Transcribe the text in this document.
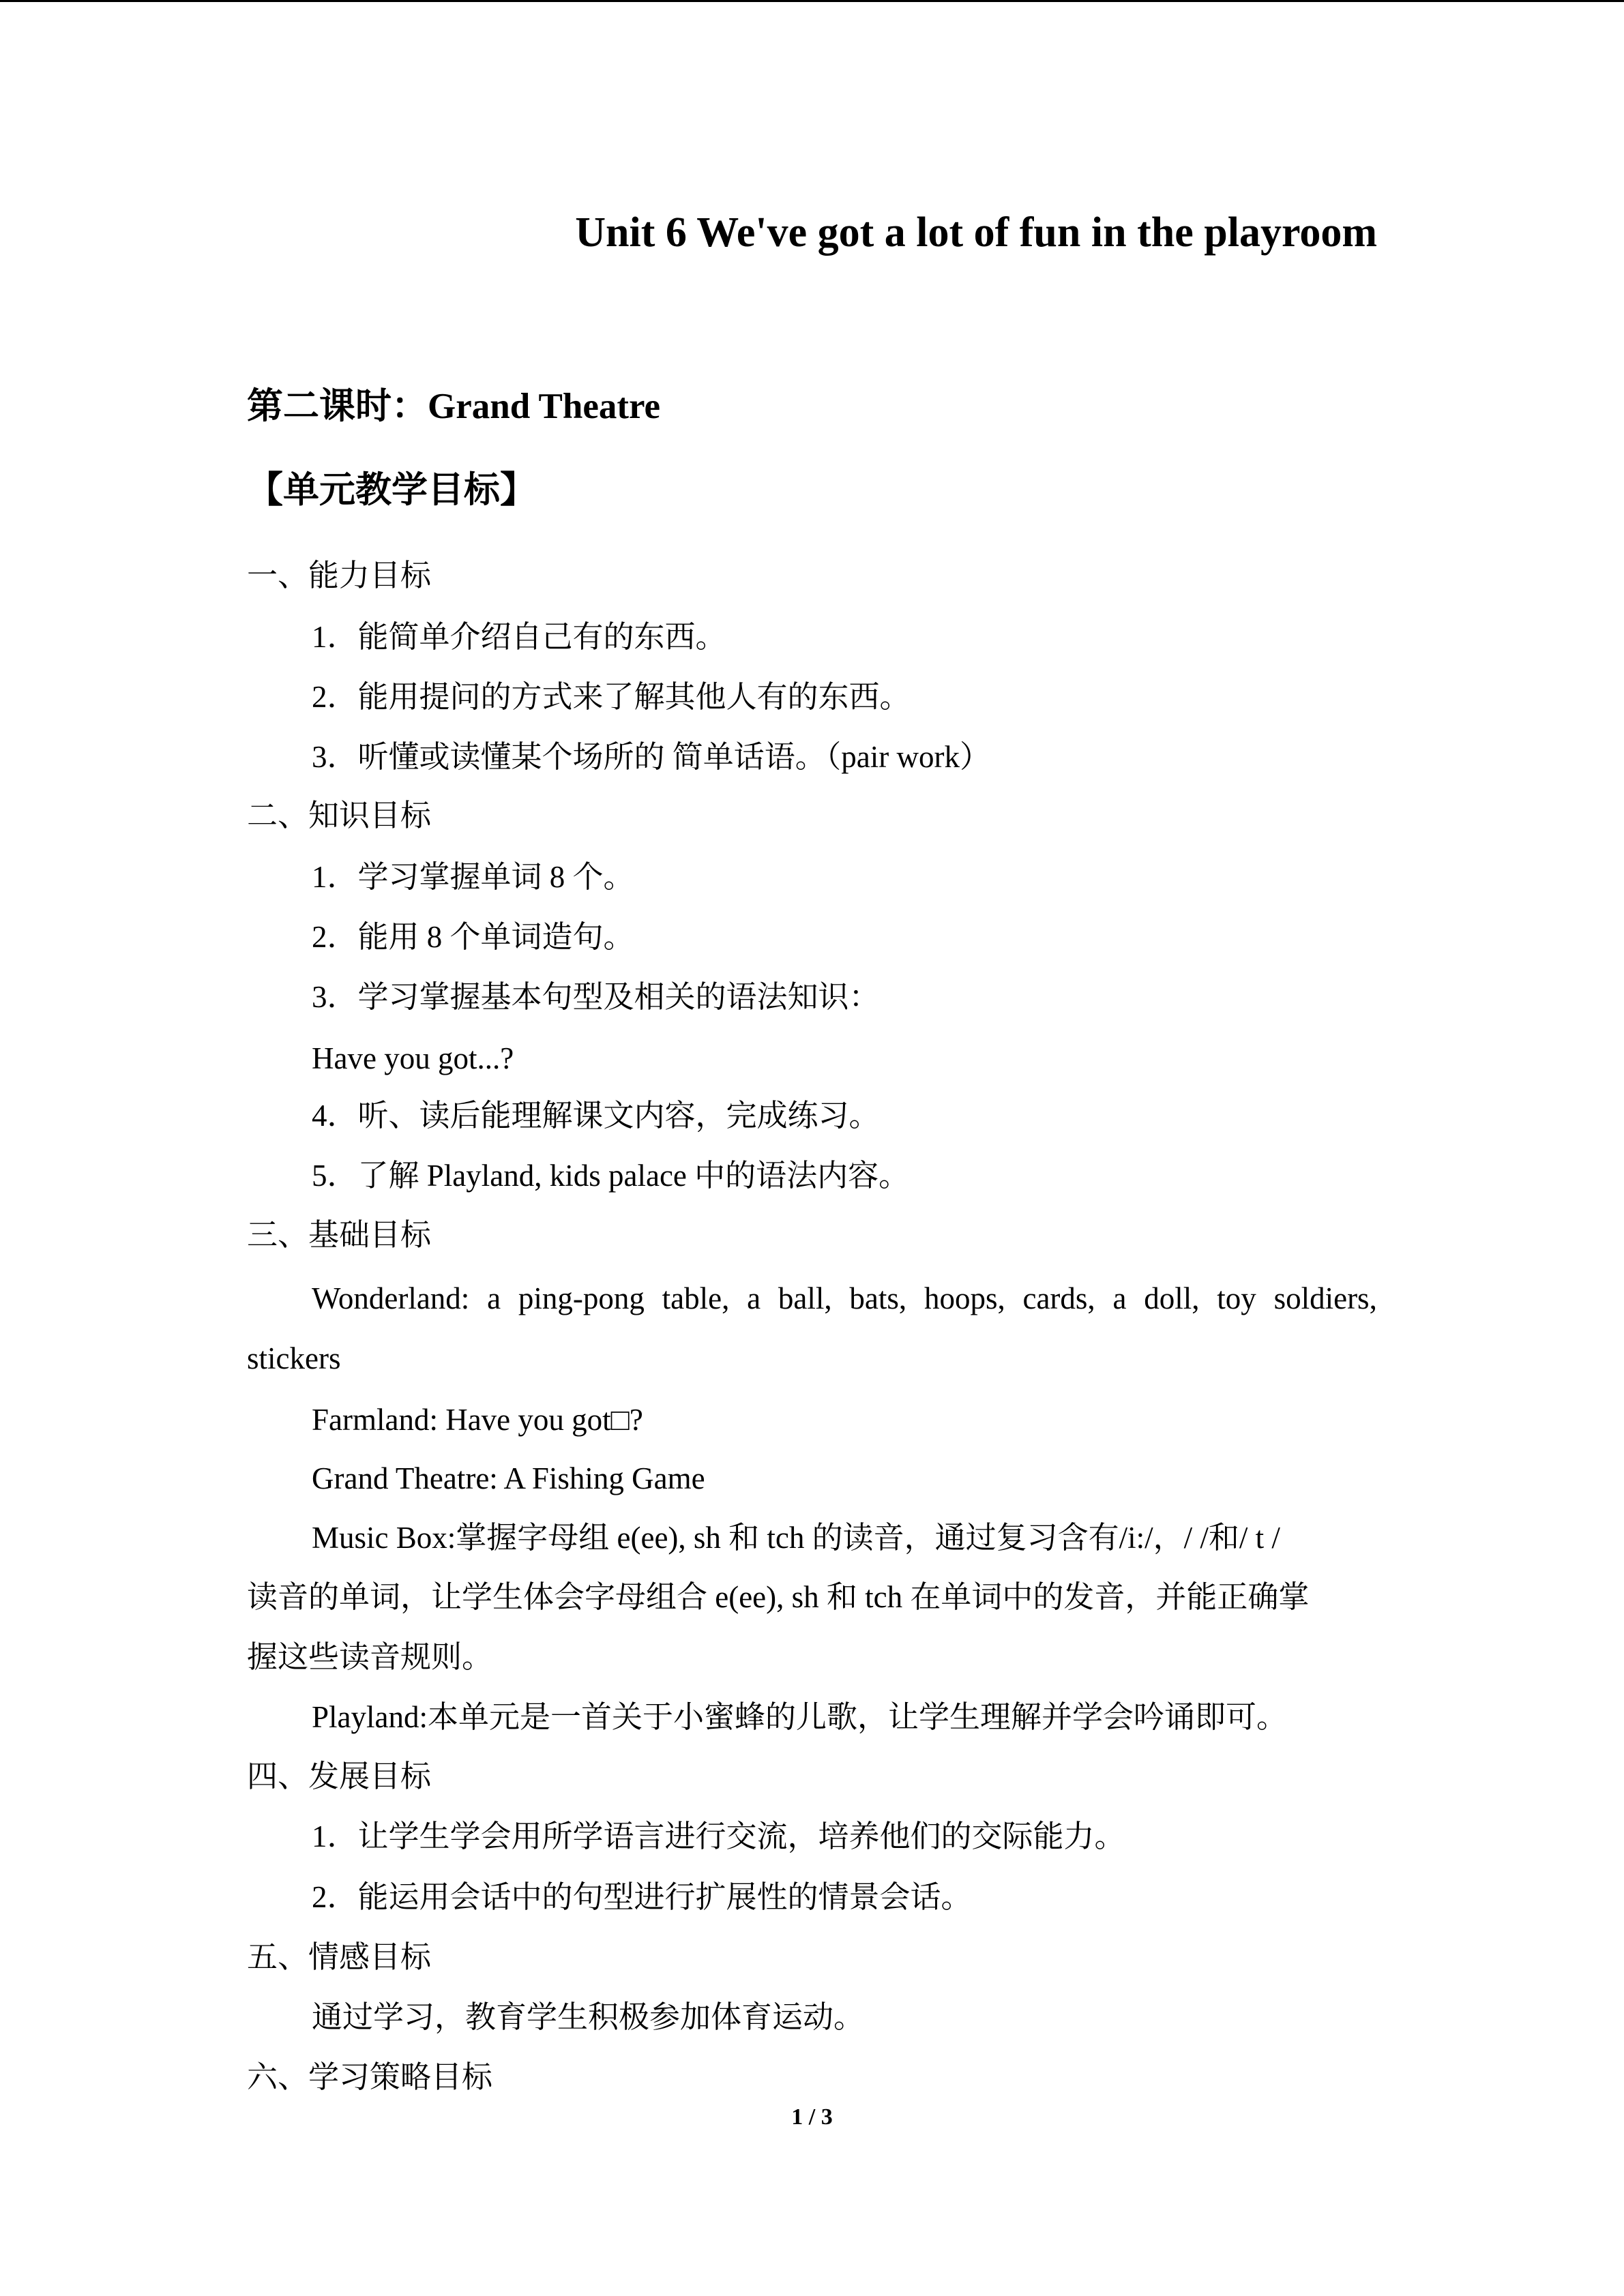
Unit 6 We've got a lot of fun in the playroom
第二课时：Grand Theatre
【单元教学目标】
一、能力目标
1．能简单介绍自己有的东西。
2．能用提问的方式来了解其他人有的东西。
3．听懂或读懂某个场所的 简单话语。（pair work）
二、知识目标
1．学习掌握单词 8 个。
2．能用 8 个单词造句。
3．学习掌握基本句型及相关的语法知识：
Have you got...?
4．听、读后能理解课文内容，完成练习。
5．了解 Playland, kids palace 中的语法内容。
三、基础目标
Wonderland: a ping-pong table, a ball, bats, hoops, cards, a doll, toy soldiers,
stickers
Farmland: Have you got□?
Grand Theatre: A Fishing Game
Music Box:掌握字母组 e(ee), sh 和 tch 的读音，通过复习含有/i:/，/ /和/ t /
读音的单词，让学生体会字母组合 e(ee), sh 和 tch 在单词中的发音，并能正确掌
握这些读音规则。
Playland:本单元是一首关于小蜜蜂的儿歌，让学生理解并学会吟诵即可。
四、发展目标
1．让学生学会用所学语言进行交流，培养他们的交际能力。
2．能运用会话中的句型进行扩展性的情景会话。
五、情感目标
通过学习，教育学生积极参加体育运动。
六、学习策略目标
1 / 3
